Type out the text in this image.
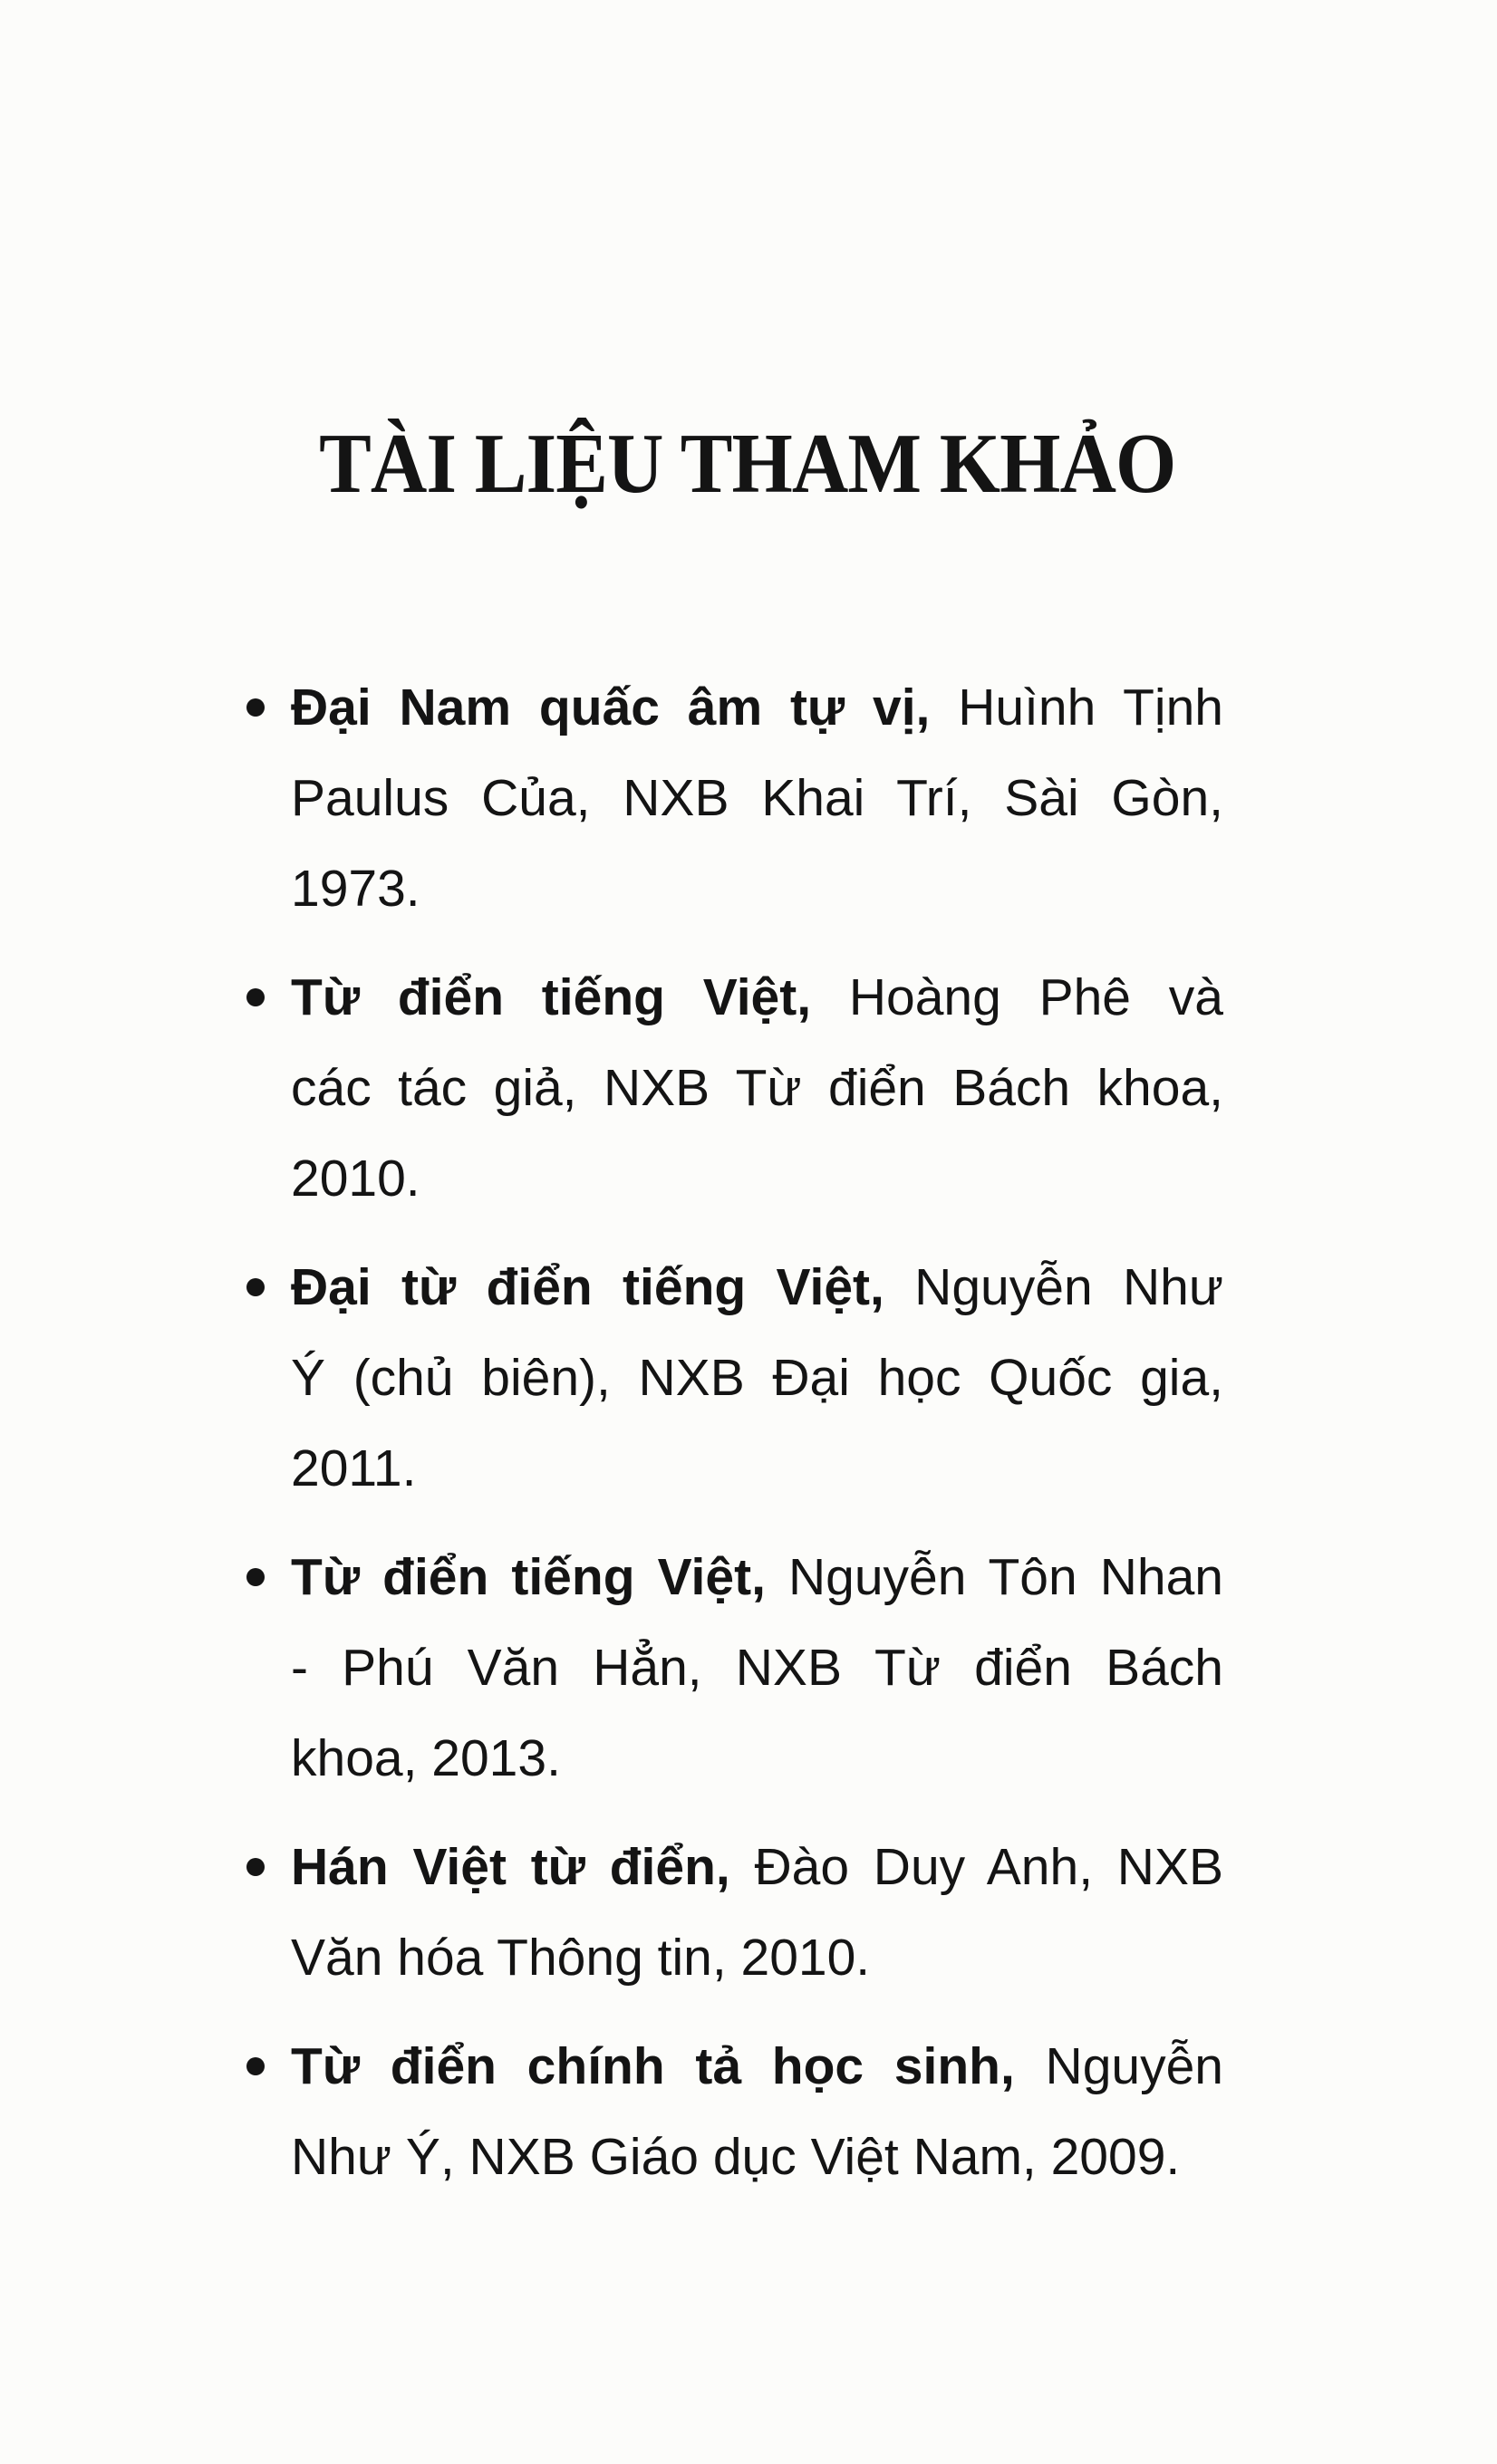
TÀI LIỆU THAM KHẢO
Đại Nam quấc âm tự vị, Huình Tịnh
Paulus Của, NXB Khai Trí, Sài Gòn,
1973.
Từ điển tiếng Việt, Hoàng Phê và
các tác giả, NXB Từ điển Bách khoa,
2010.
Đại từ điển tiếng Việt, Nguyễn Như
Ý (chủ biên), NXB Đại học Quốc gia,
2011.
Từ điển tiếng Việt, Nguyễn Tôn Nhan
- Phú Văn Hẳn, NXB Từ điển Bách
khoa, 2013.
Hán Việt từ điển, Đào Duy Anh, NXB
Văn hóa Thông tin, 2010.
Từ điển chính tả học sinh, Nguyễn
Như Ý, NXB Giáo dục Việt Nam, 2009.
